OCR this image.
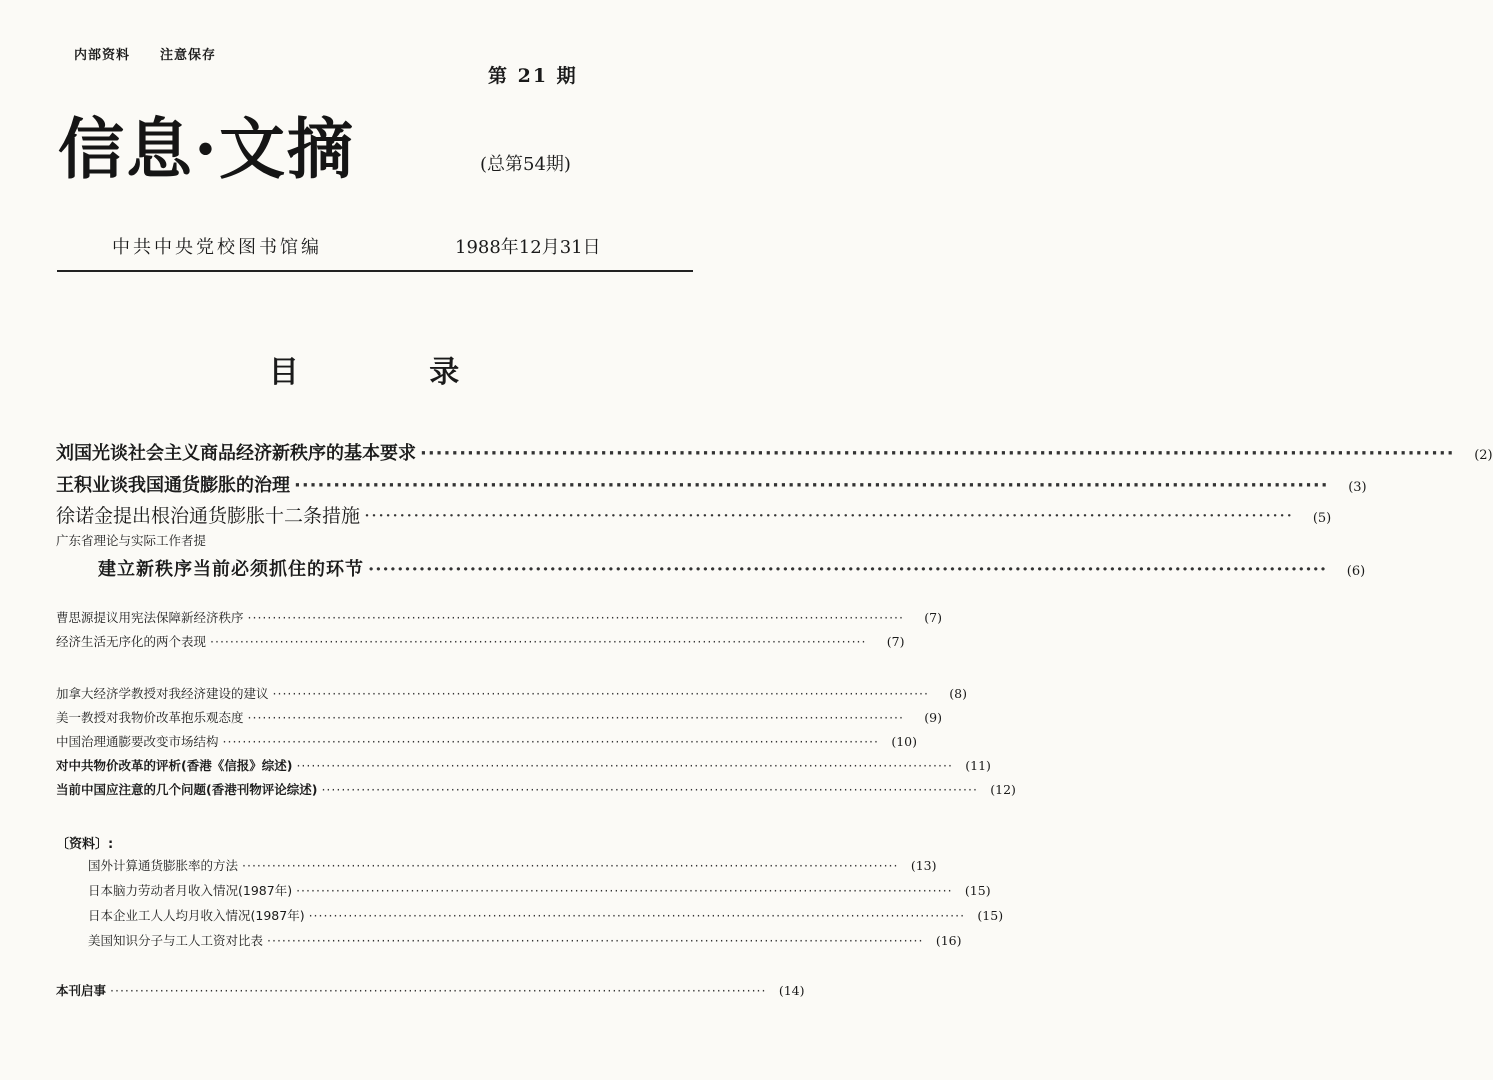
内部资料 注意保存
第 21 期
信息·文摘	(总第54期)
中共中央党校图书馆编	1988年12月31日
目 录
刘国光谈社会主义商品经济新秩序的基本要求 ····································································································································	(2)
王积业谈我国通货膨胀的治理 ····································································································································	(3)
徐诺金提出根治通货膨胀十二条措施 ····································································································································	(5)
广东省理论与实际工作者提
建立新秩序当前必须抓住的环节 ····································································································································	(6)
曹思源提议用宪法保障新经济秩序 ····································································································································	(7)
经济生活无序化的两个表现 ····································································································································	(7)
加拿大经济学教授对我经济建设的建议 ····································································································································	(8)
美一教授对我物价改革抱乐观态度 ····································································································································	(9)
中国治理通膨要改变市场结构 ···································································································································· (10)
对中共物价改革的评析(香港《信报》综述) ···································································································································· (11)
当前中国应注意的几个问题(香港刊物评论综述) ···································································································································· (12)
〔资料〕:
国外计算通货膨胀率的方法 ···································································································································· (13)
日本脑力劳动者月收入情况(1987年) ···································································································································· (15)
日本企业工人人均月收入情况(1987年) ···································································································································· (15)
美国知识分子与工人工资对比表 ···································································································································· (16)
本刊启事 ···································································································································· (14)
